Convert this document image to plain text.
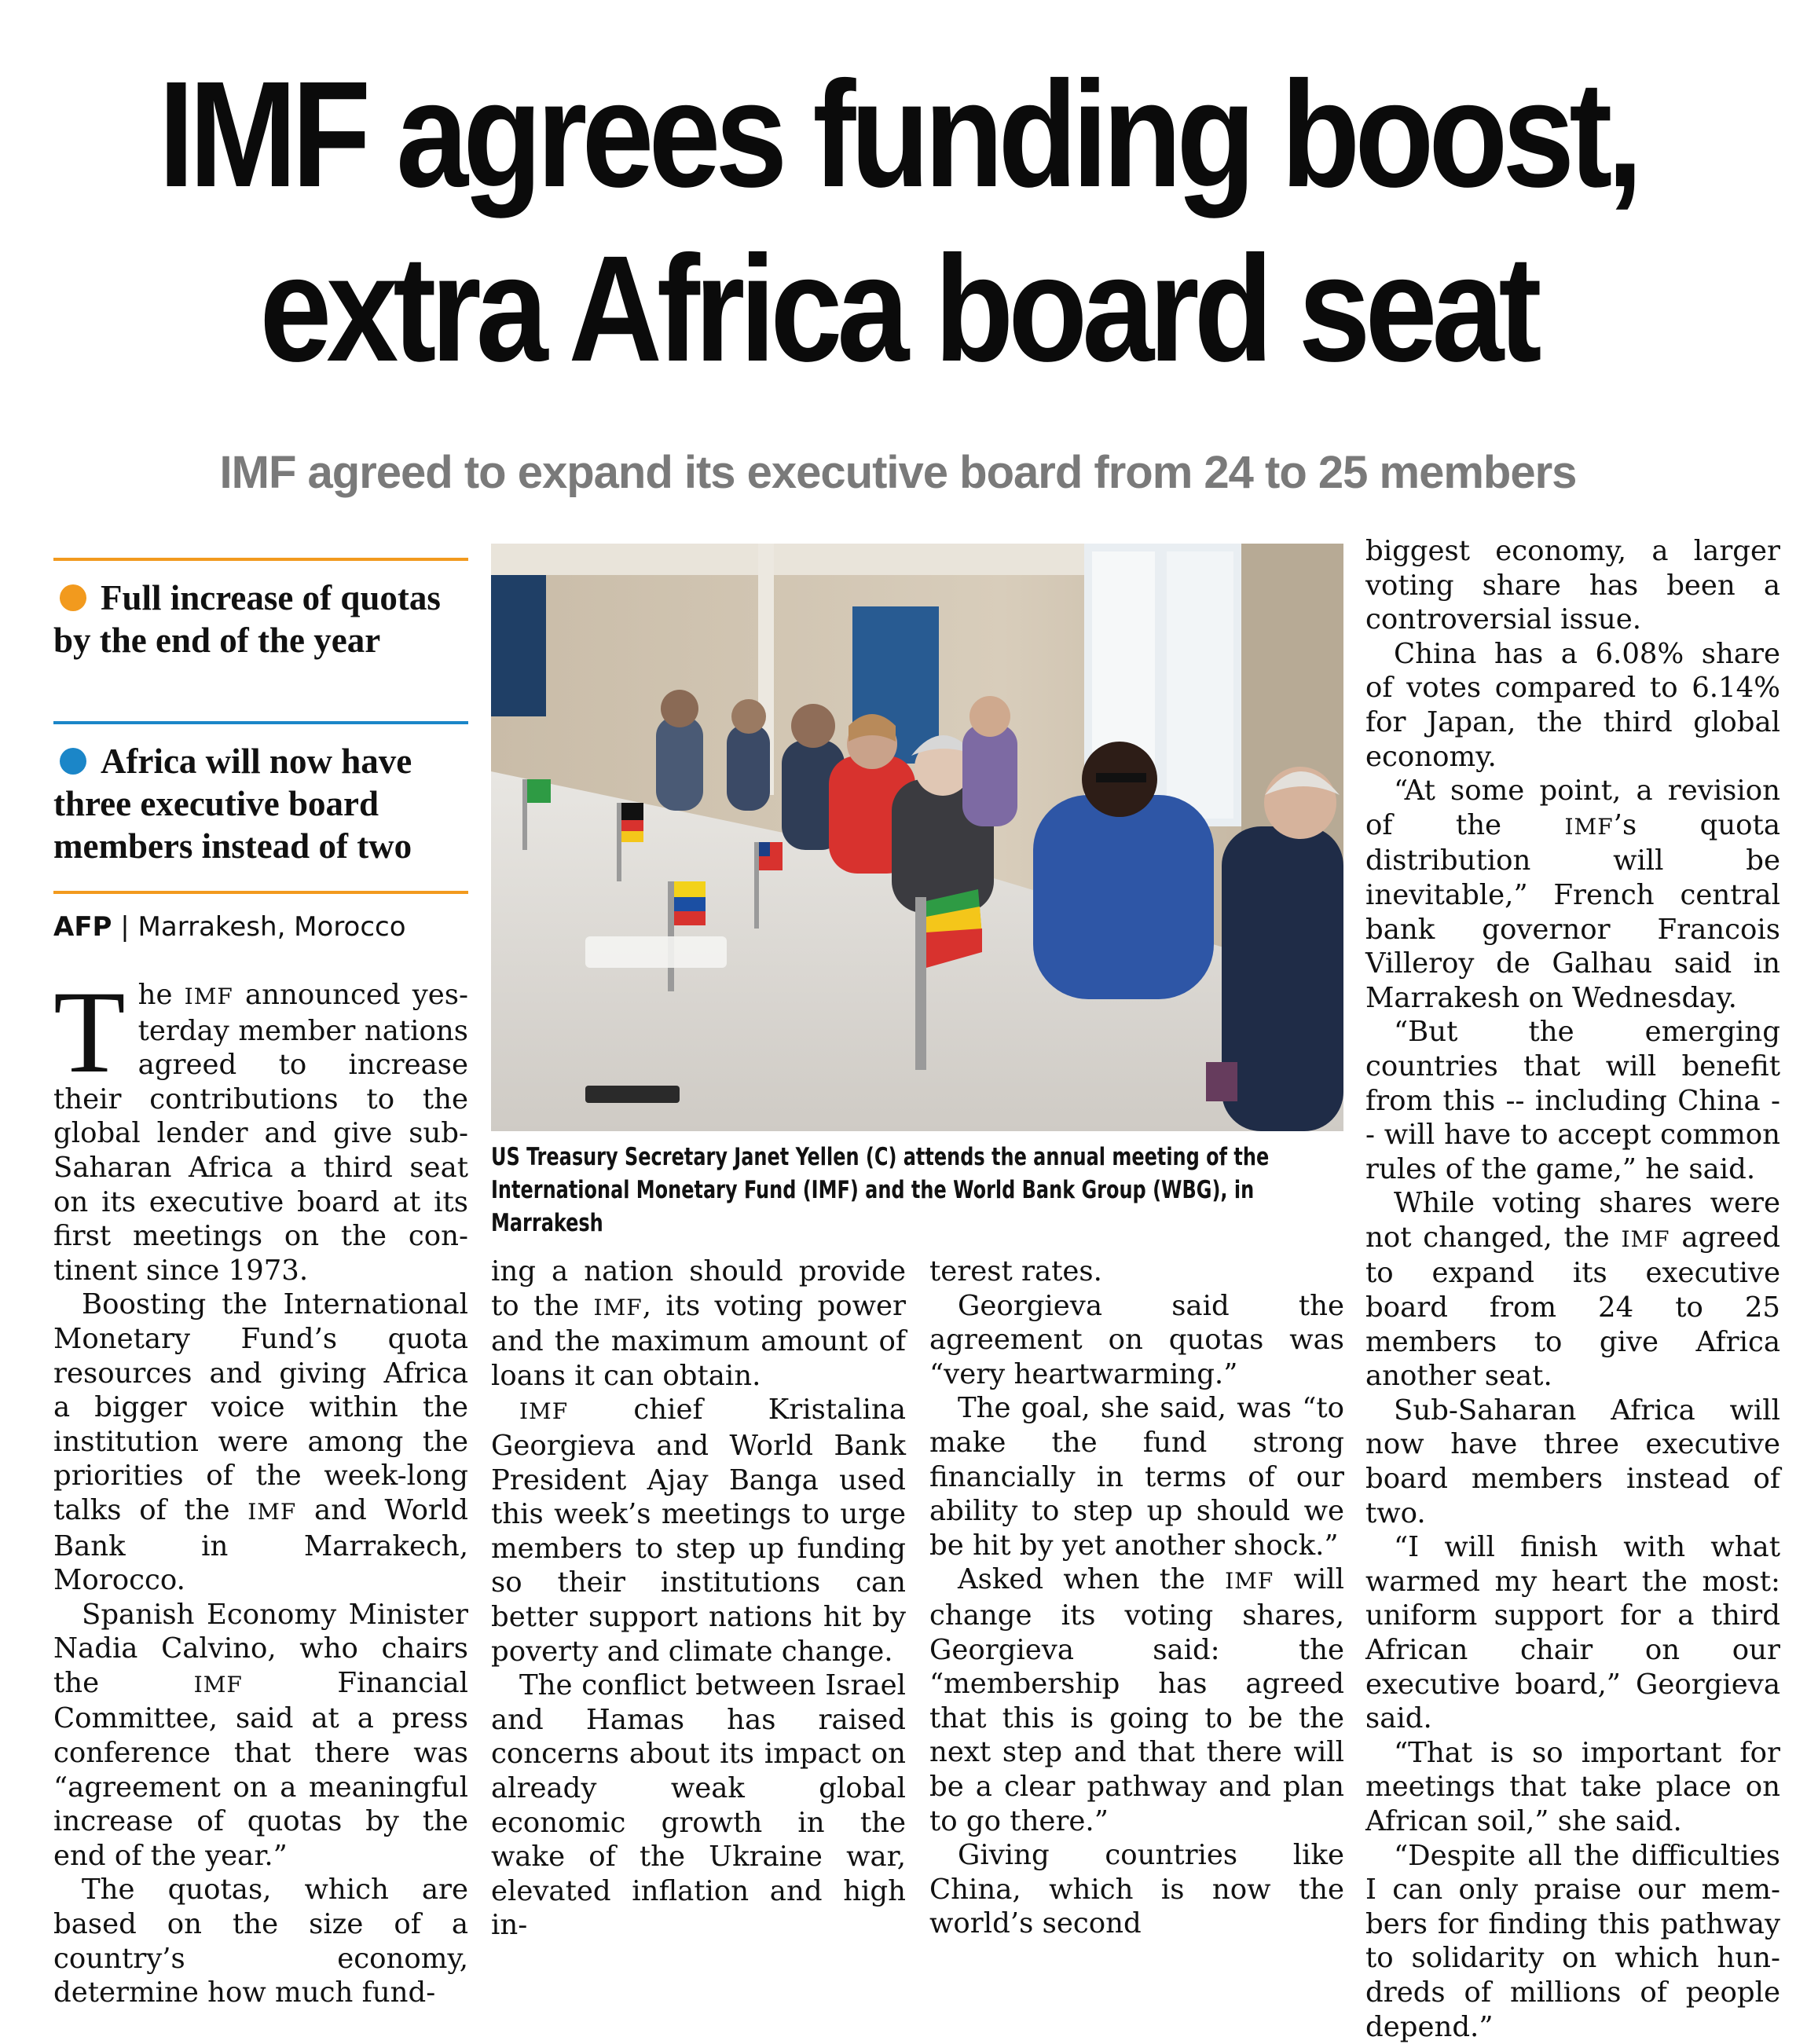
IMF agrees funding boost,
extra Africa board seat
IMF agreed to expand its executive board from 24 to 25 members
Full increase of quotas by the end of the year
Africa will now have three executive board members instead of two
AFP | Marrakesh, Morocco
US Treasury Secretary Janet Yellen (C) attends the annual meeting of the International Monetary Fund (IMF) and the World Bank Group (WBG), in Marrakesh

The IMF announced yesterday member nations agreed to increase their contributions to the global lender and give sub-Saharan Africa a third seat on its executive board at its first meetings on the continent since 1973.

Boosting the International Monetary Fund’s quota resources and giving Africa a bigger voice within the institution were among the priorities of the week-long talks of the IMF and World Bank in Marrakech, Morocco.

Spanish Economy Minister Nadia Calvino, who chairs the IMF Financial Committee, said at a press conference that there was “agreement on a meaningful increase of quotas by the end of the year.”

The quotas, which are based on the size of a country’s economy, determine how much fund-

ing a nation should provide to the IMF, its voting power and the maximum amount of loans it can obtain.

IMF chief Kristalina Georgieva and World Bank President Ajay Banga used this week’s meetings to urge members to step up funding so their institutions can better support nations hit by poverty and climate change.

The conflict between Israel and Hamas has raised concerns about its impact on already weak global economic growth in the wake of the Ukraine war, elevated inflation and high in-

terest rates.

Georgieva said the agreement on quotas was “very heartwarming.”

The goal, she said, was “to make the fund strong financially in terms of our ability to step up should we be hit by yet another shock.”

Asked when the IMF will change its voting shares, Georgieva said: the “membership has agreed that this is going to be the next step and that there will be a clear pathway and plan to go there.”

Giving countries like China, which is now the world’s second

biggest economy, a larger voting share has been a controversial issue.

China has a 6.08% share of votes compared to 6.14% for Japan, the third global economy.

“At some point, a revision of the IMF’s quota distribution will be inevitable,” French central bank governor Francois Villeroy de Galhau said in Marrakesh on Wednesday.

“But the emerging countries that will benefit from this -- including China -- will have to accept common rules of the game,” he said.

While voting shares were not changed, the IMF agreed to expand its executive board from 24 to 25 members to give Africa another seat.

Sub-Saharan Africa will now have three executive board members instead of two.

“I will finish with what warmed my heart the most: uniform support for a third African chair on our executive board,” Georgieva said.

“That is so important for meetings that take place on African soil,” she said.

“Despite all the difficulties I can only praise our members for finding this pathway to solidarity on which hundreds of millions of people depend.”
